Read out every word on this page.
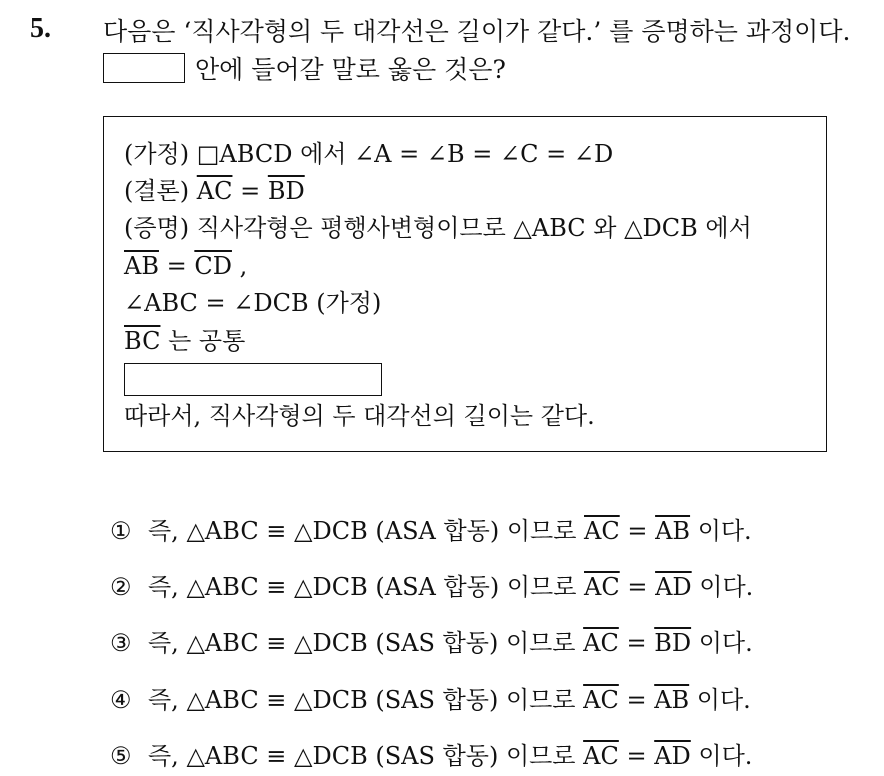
5. 다음은 ‘직사각형의 두 대각선은 길이가 같다.’ 를 증명하는 과정이다.
안에 들어갈 말로 옳은 것은?
(가정) □ABCD 에서 ∠A = ∠B = ∠C = ∠D
(결론) $\overline{AC} = \overline{BD}$
(증명) 직사각형은 평행사변형이므로 △ABC 와 △DCB 에서
$\overline{AB} = \overline{CD}$ ,
∠ABC = ∠DCB (가정)
$\overline{BC}$ 는 공통
따라서, 직사각형의 두 대각선의 길이는 같다.
① 즉, △ABC ≡ △DCB (ASA 합동) 이므로 $\overline{AC} = \overline{AB}$ 이다.
② 즉, △ABC ≡ △DCB (ASA 합동) 이므로 $\overline{AC} = \overline{AD}$ 이다.
③ 즉, △ABC ≡ △DCB (SAS 합동) 이므로 $\overline{AC} = \overline{BD}$ 이다.
④ 즉, △ABC ≡ △DCB (SAS 합동) 이므로 $\overline{AC} = \overline{AB}$ 이다.
⑤ 즉, △ABC ≡ △DCB (SAS 합동) 이므로 $\overline{AC} = \overline{AD}$ 이다.
